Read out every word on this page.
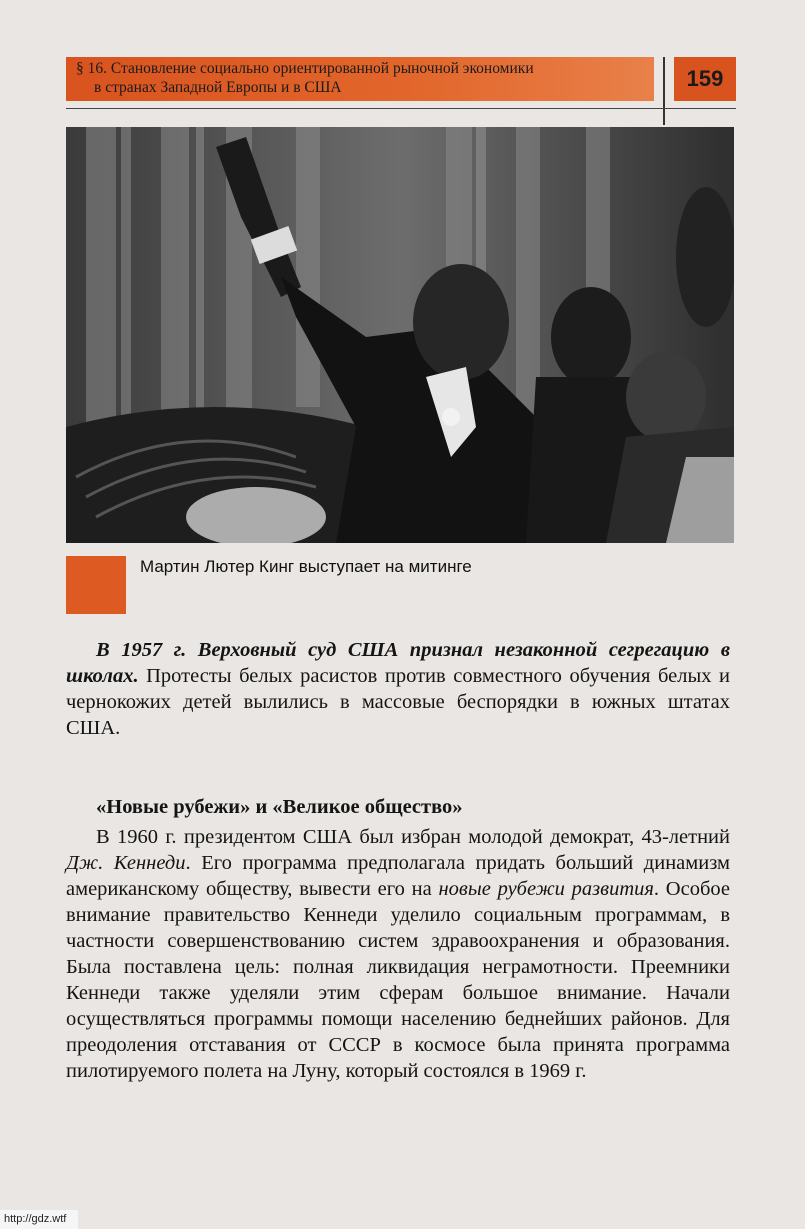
§ 16. Становление социально ориентированной рыночной экономики
в странах Западной Европы и в США	159
Мартин Лютер Кинг выступает на митинге

В 1957 г. Верховный суд США признал незаконной сегрегацию в школах. Протесты белых расистов против совместного обучения белых и чернокожих детей вылились в массовые беспорядки в южных штатах США.

«Новые рубежи» и «Великое общество»

В 1960 г. президентом США был избран молодой демократ, 43-летний Дж. Кеннеди. Его программа предполагала придать больший динамизм американскому обществу, вывести его на новые рубежи развития. Особое внимание правительство Кеннеди уделило социальным программам, в частности совершенствованию систем здравоохранения и образования. Была поставлена цель: полная ликвидация неграмотности. Преемники Кеннеди также уделяли этим сферам большое внимание. Начали осуществляться программы помощи населению беднейших районов. Для преодоления отставания от СССР в космосе была принята программа пилотируемого полета на Луну, который состоялся в 1969 г.

http://gdz.wtf
